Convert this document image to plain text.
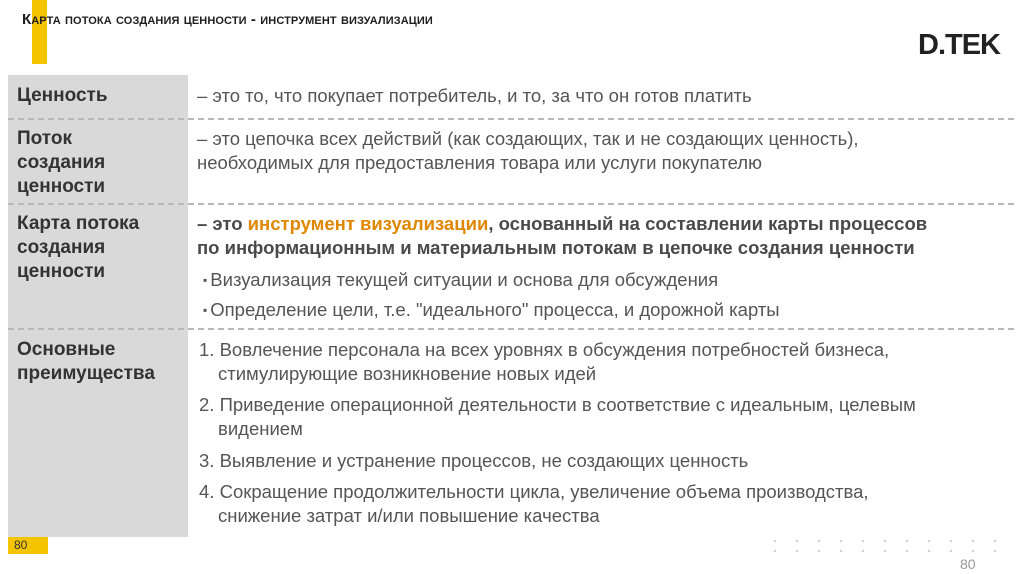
Карта потока создания ценности - инструмент визуализации
D.TEK
Ценность	– это то, что покупает потребитель, и то, за что он готов платить
Поток
создания
ценности
– это цепочка всех действий (как создающих, так и не создающих ценность),
необходимых для предоставления товара или услуги покупателю
Карта потока
создания
ценности
– это инструмент визуализации, основанный на составлении карты процессов
по информационным и материальным потокам в цепочке создания ценности
▪ Визуализация текущей ситуации и основа для обсуждения
▪ Определение цели, т.е. "идеального" процесса, и дорожной карты
Основные
преимущества
1. Вовлечение персонала на всех уровнях в обсуждения потребностей бизнеса,
стимулирующие возникновение новых идей
2. Приведение операционной деятельности в соответствие с идеальным, целевым
видением
3. Выявление и устранение процессов, не создающих ценность
4. Сокращение продолжительности цикла, увеличение объема производства,
снижение затрат и/или повышение качества
80
80
